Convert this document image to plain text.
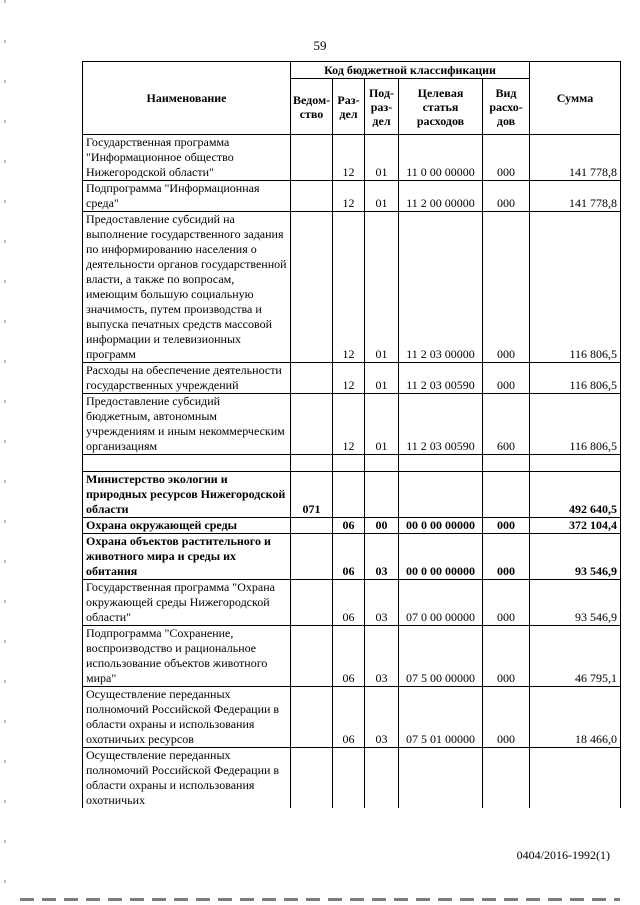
59
Наименование	Код бюджетной классификации					Сумма
	Ведом-ство	Раз-дел	Под-раз-дел	Целевая статья расходов	Вид расхо-дов	
Государственная программа "Информационное общество Нижегородской области"		12	01	11 0 00 00000	000	141 778,8
Подпрограмма "Информационная среда"		12	01	11 2 00 00000	000	141 778,8
Предоставление субсидий на выполнение государственного задания по информированию населения о деятельности органов государственной власти, а также по вопросам, имеющим большую социальную значимость, путем производства и выпуска печатных средств массовой информации и телевизионных программ		12	01	11 2 03 00000	000	116 806,5
Расходы на обеспечение деятельности государственных учреждений		12	01	11 2 03 00590	000	116 806,5
Предоставление субсидий бюджетным, автономным учреждениям и иным некоммерческим организациям		12	01	11 2 03 00590	600	116 806,5

Министерство экологии и природных ресурсов Нижегородской области	071					492 640,5
Охрана окружающей среды		06	00	00 0 00 00000	000	372 104,4
Охрана объектов растительного и животного мира и среды их обитания		06	03	00 0 00 00000	000	93 546,9
Государственная программа "Охрана окружающей среды Нижегородской области"		06	03	07 0 00 00000	000	93 546,9
Подпрограмма "Сохранение, воспроизводство и рациональное использование объектов животного мира"		06	03	07 5 00 00000	000	46 795,1
Осуществление переданных полномочий Российской Федерации в области охраны и использования охотничьих ресурсов		06	03	07 5 01 00000	000	18 466,0
Осуществление переданных полномочий Российской Федерации в области охраны и использования охотничьих						
0404/2016-1992(1)
